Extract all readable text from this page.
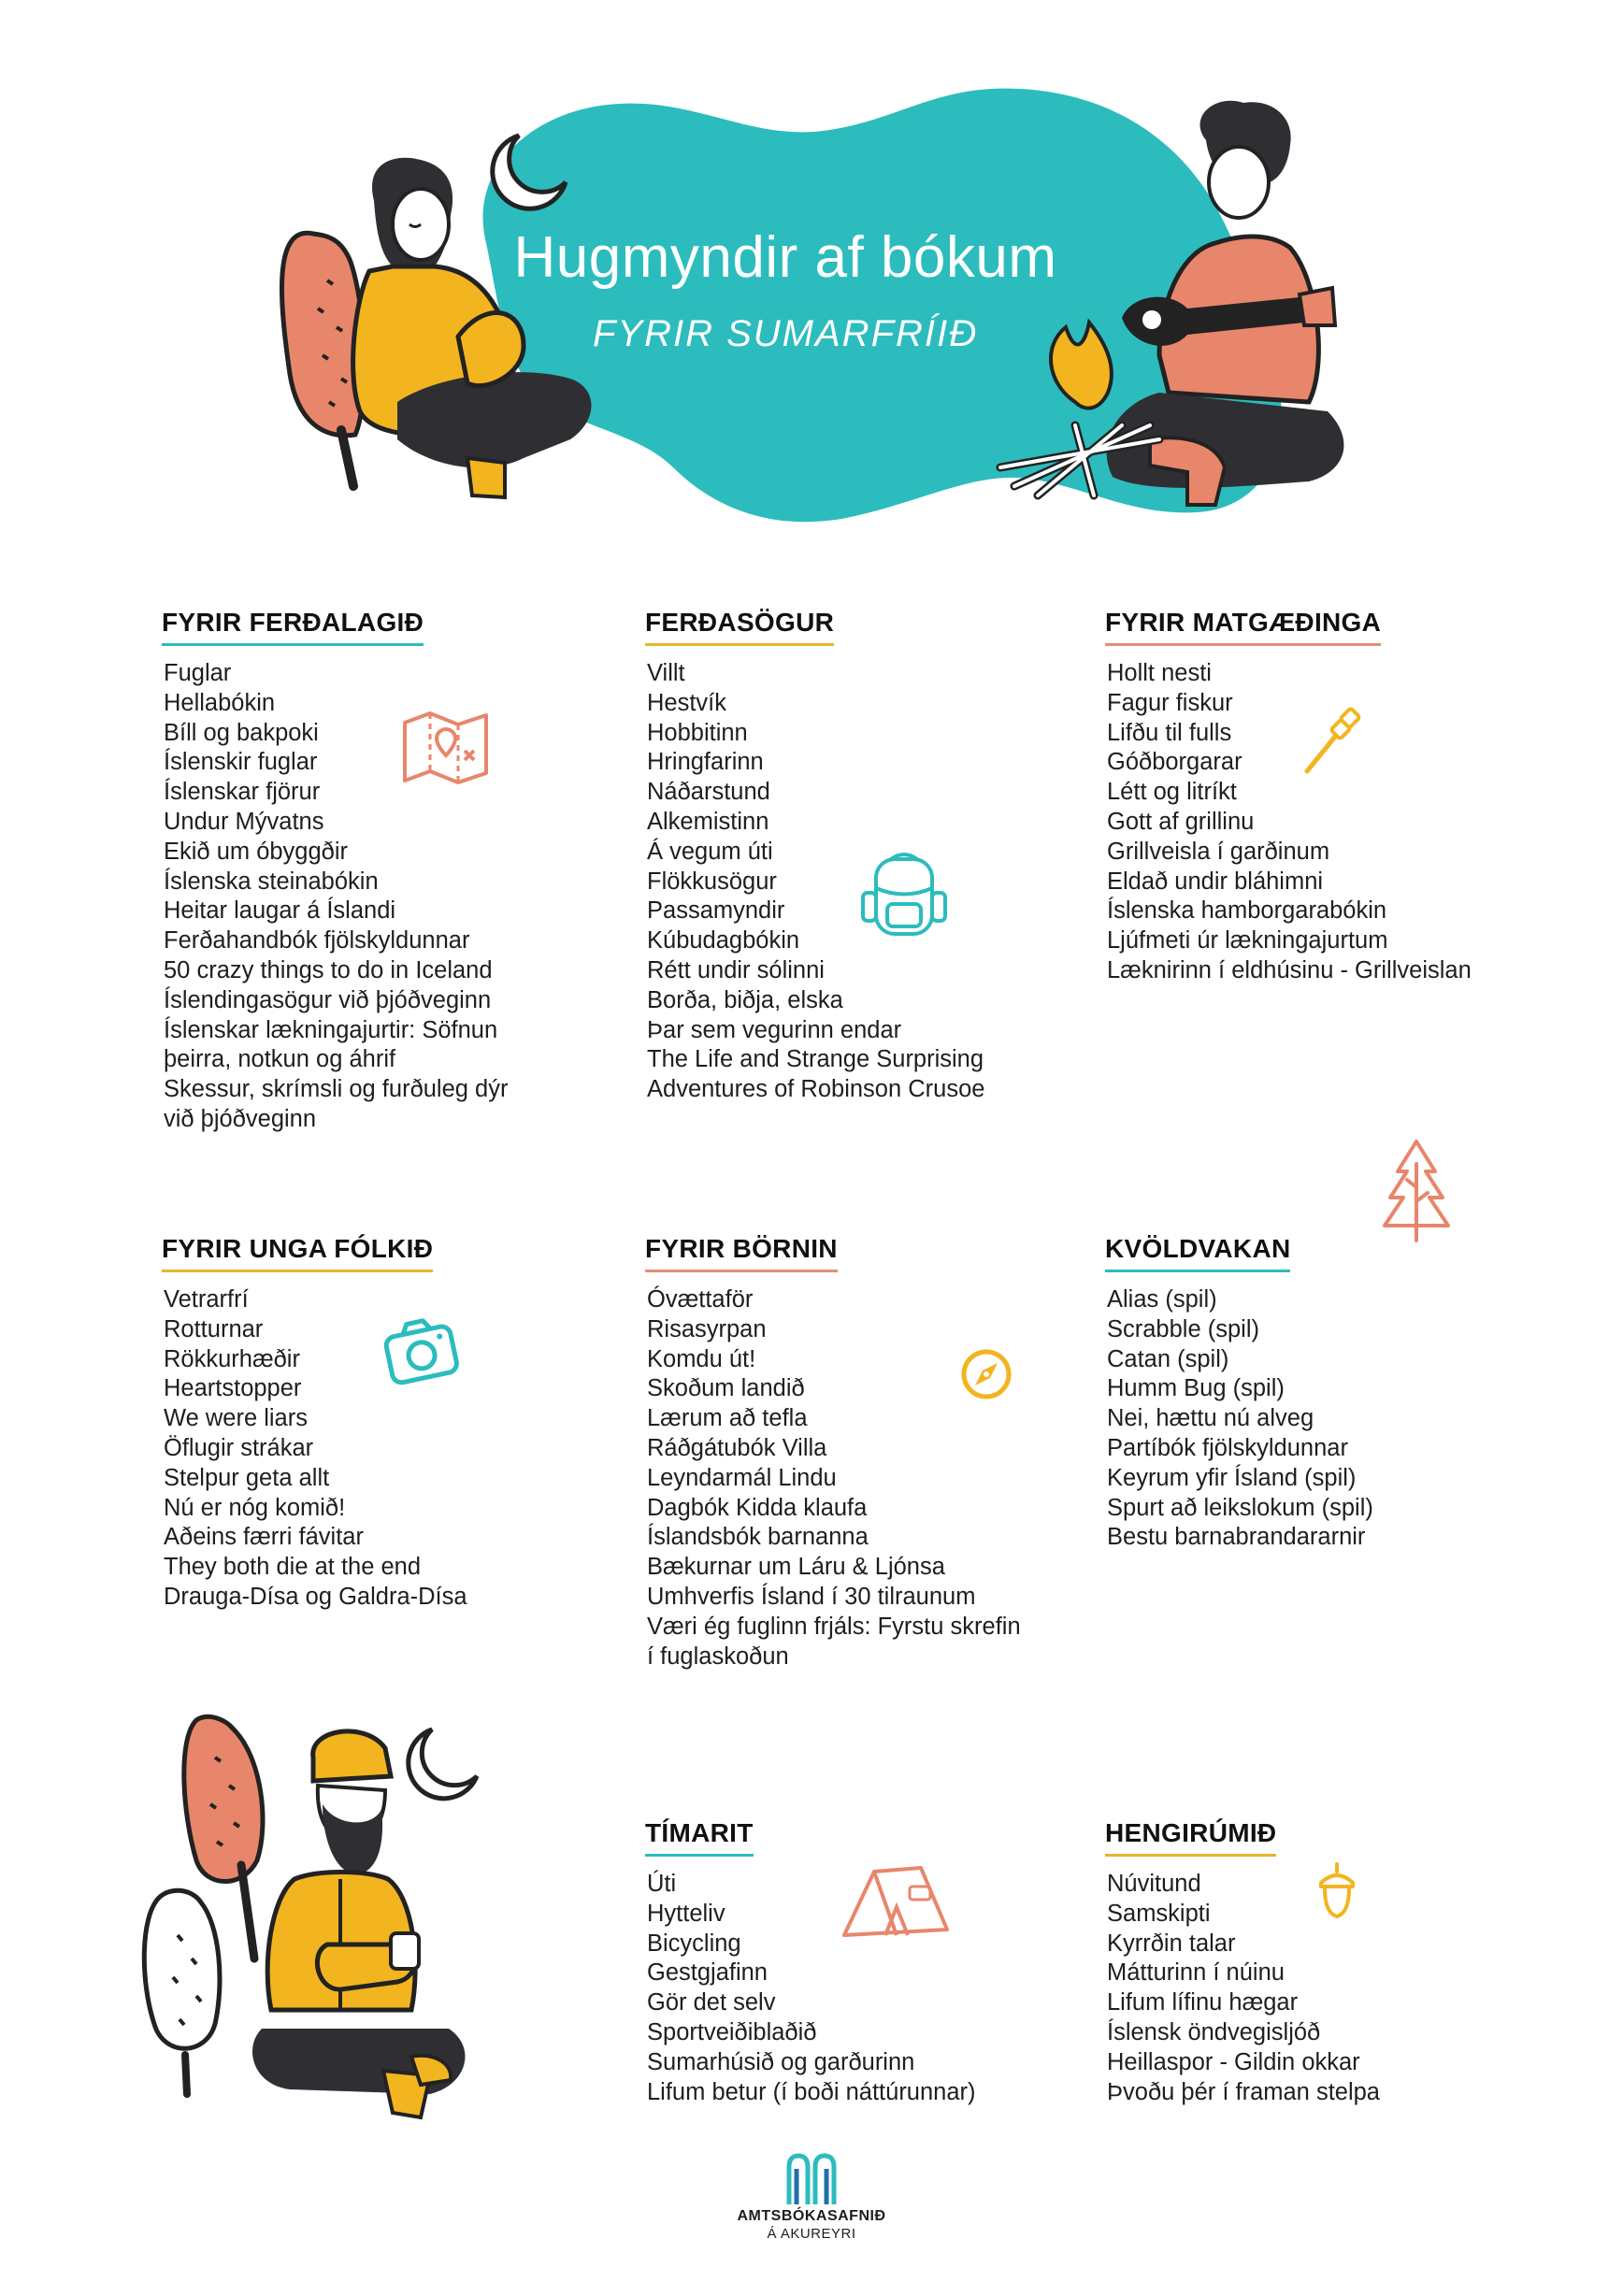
Hugmyndir af bókum
FYRIR SUMARFRÍIÐ
FYRIR FERÐALAGIÐ
Fuglar
Hellabókin
Bíll og bakpoki
Íslenskir fuglar
Íslenskar fjörur
Undur Mývatns
Ekið um óbyggðir
Íslenska steinabókin
Heitar laugar á Íslandi
Ferðahandbók fjölskyldunnar
50 crazy things to do in Iceland
Íslendingasögur við þjóðveginn
Íslenskar lækningajurtir: Söfnun
þeirra, notkun og áhrif
Skessur, skrímsli og furðuleg dýr
við þjóðveginn
FERÐASÖGUR
Villt
Hestvík
Hobbitinn
Hringfarinn
Náðarstund
Alkemistinn
Á vegum úti
Flökkusögur
Passamyndir
Kúbudagbókin
Rétt undir sólinni
Borða, biðja, elska
Þar sem vegurinn endar
The Life and Strange Surprising
Adventures of Robinson Crusoe
FYRIR MATGÆÐINGA
Hollt nesti
Fagur fiskur
Lifðu til fulls
Góðborgarar
Létt og litríkt
Gott af grillinu
Grillveisla í garðinum
Eldað undir bláhimni
Íslenska hamborgarabókin
Ljúfmeti úr lækningajurtum
Læknirinn í eldhúsinu - Grillveislan
FYRIR UNGA FÓLKIÐ
Vetrarfrí
Rotturnar
Rökkurhæðir
Heartstopper
We were liars
Öflugir strákar
Stelpur geta allt
Nú er nóg komið!
Aðeins færri fávitar
They both die at the end
Drauga-Dísa og Galdra-Dísa
FYRIR BÖRNIN
Óvættaför
Risasyrpan
Komdu út!
Skoðum landið
Lærum að tefla
Ráðgátubók Villa
Leyndarmál Lindu
Dagbók Kidda klaufa
Íslandsbók barnanna
Bækurnar um Láru & Ljónsa
Umhverfis Ísland í 30 tilraunum
Væri ég fuglinn frjáls: Fyrstu skrefin
í fuglaskoðun
KVÖLDVAKAN
Alias (spil)
Scrabble (spil)
Catan (spil)
Humm Bug (spil)
Nei, hættu nú alveg
Partíbók fjölskyldunnar
Keyrum yfir Ísland (spil)
Spurt að leikslokum (spil)
Bestu barnabrandararnir
TÍMARIT
Úti
Hytteliv
Bicycling
Gestgjafinn
Gör det selv
Sportveiðiblaðið
Sumarhúsið og garðurinn
Lifum betur (í boði náttúrunnar)
HENGIRÚMIÐ
Núvitund
Samskipti
Kyrrðin talar
Mátturinn í núinu
Lifum lífinu hægar
Íslensk öndvegisljóð
Heillaspor - Gildin okkar
Þvoðu þér í framan stelpa
AMTSBÓKASAFNIÐ
Á AKUREYRI
